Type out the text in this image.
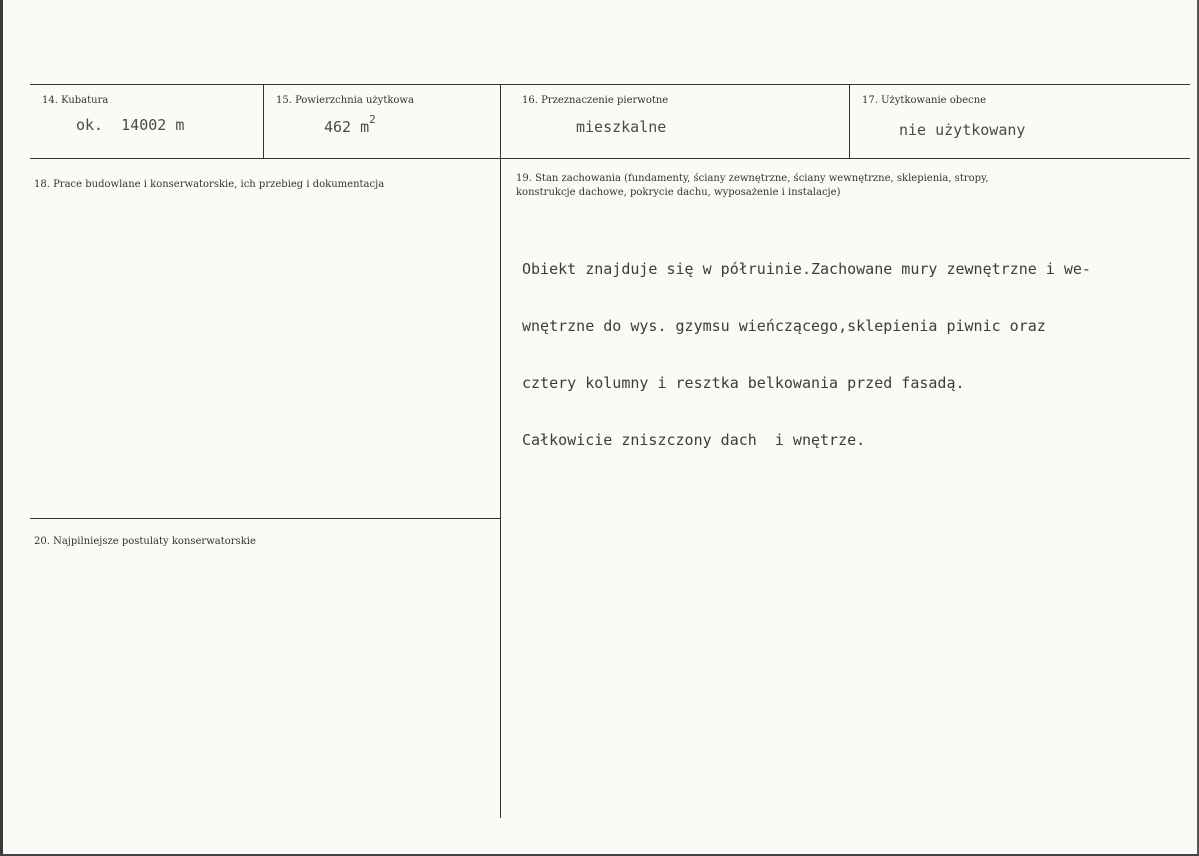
14. Kubatura
ok. 14002 m
15. Powierzchnia użytkowa
462 $m^2$
16. Przeznaczenie pierwotne
mieszkalne
17. Użytkowanie obecne
nie użytkowany
18. Prace budowlane i konserwatorskie, ich przebieg i dokumentacja
19. Stan zachowania (fundamenty, ściany zewnętrzne, ściany wewnętrzne, sklepienia, stropy,
konstrukcje dachowe, pokrycie dachu, wyposażenie i instalacje)

Obiekt znajduje się w półruinie.Zachowane mury zewnętrzne i we-

wnętrzne do wys. gzymsu wieńczącego,sklepienia piwnic oraz

cztery kolumny i resztka belkowania przed fasadą.

Całkowicie zniszczony dach  i wnętrze.

20. Najpilniejsze postulaty konserwatorskie
